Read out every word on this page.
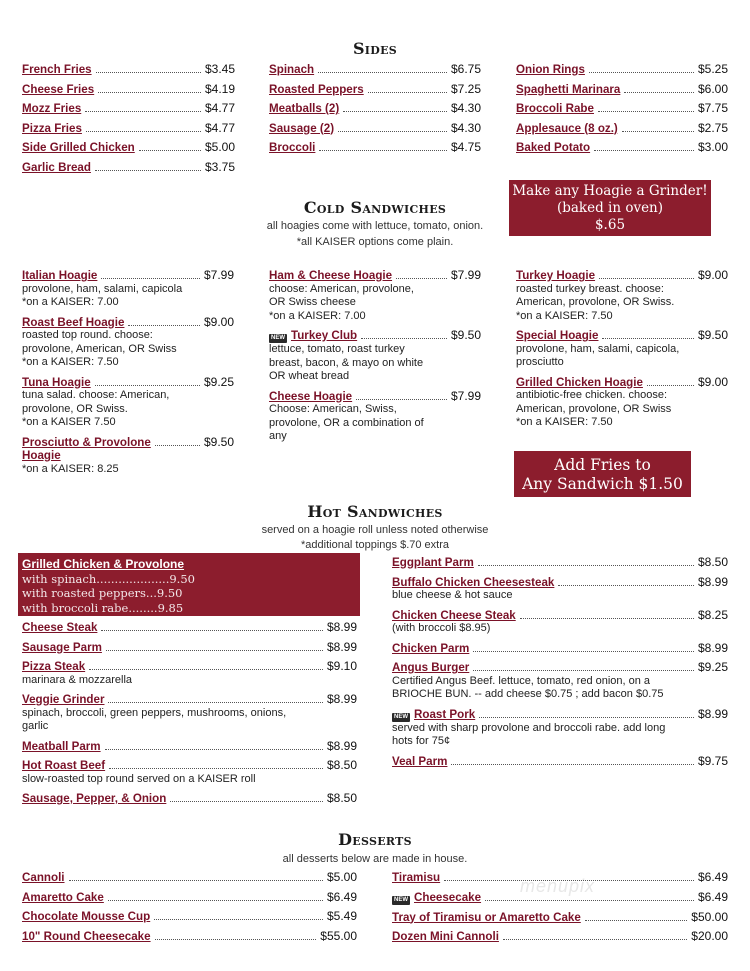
Sides
French Fries	$3.45
Cheese Fries	$4.19
Mozz Fries	$4.77
Pizza Fries	$4.77
Side Grilled Chicken	$5.00
Garlic Bread	$3.75
Spinach	$6.75
Roasted Peppers	$7.25
Meatballs (2)	$4.30
Sausage (2)	$4.30
Broccoli	$4.75
Onion Rings	$5.25
Spaghetti Marinara	$6.00
Broccoli Rabe	$7.75
Applesauce (8 oz.)	$2.75
Baked Potato	$3.00
Make any Hoagie a Grinder!
(baked in oven)
$.65
Cold Sandwiches
all hoagies come with lettuce, tomato, onion.
*all KAISER options come plain.
Italian Hoagie	$7.99
provolone, ham, salami, capicola
*on a KAISER: 7.00
Roast Beef Hoagie	$9.00
roasted top round. choose:
provolone, American, OR Swiss
*on a KAISER: 7.50
Tuna Hoagie	$9.25
tuna salad. choose: American,
provolone, OR Swiss.
*on a KAISER 7.50
Prosciutto & Provolone	$9.50
Hoagie
*on a KAISER: 8.25
Ham & Cheese Hoagie	$7.99
choose: American, provolone,
OR Swiss cheese
*on a KAISER: 7.00
NEW Turkey Club	$9.50
lettuce, tomato, roast turkey
breast, bacon, & mayo on white
OR wheat bread
Cheese Hoagie	$7.99
Choose: American, Swiss,
provolone, OR a combination of
any
Turkey Hoagie	$9.00
roasted turkey breast. choose:
American, provolone, OR Swiss.
*on a KAISER: 7.50
Special Hoagie	$9.50
provolone, ham, salami, capicola,
prosciutto
Grilled Chicken Hoagie	$9.00
antibiotic-free chicken. choose:
American, provolone, OR Swiss
*on a KAISER: 7.50
Add Fries to
Any Sandwich $1.50
Hot Sandwiches
served on a hoagie roll unless noted otherwise
*additional toppings $.70 extra
Grilled Chicken & Provolone
with spinach....................9.50
with roasted peppers...9.50
with broccoli rabe........9.85
Cheese Steak	$8.99
Sausage Parm	$8.99
Pizza Steak	$9.10
marinara & mozzarella
Veggie Grinder	$8.99
spinach, broccoli, green peppers, mushrooms, onions,
garlic
Meatball Parm	$8.99
Hot Roast Beef	$8.50
slow-roasted top round served on a KAISER roll
Sausage, Pepper, & Onion	$8.50
Eggplant Parm	$8.50
Buffalo Chicken Cheesesteak	$8.99
blue cheese & hot sauce
Chicken Cheese Steak	$8.25
(with broccoli $8.95)
Chicken Parm	$8.99
Angus Burger	$9.25
Certified Angus Beef. lettuce, tomato, red onion, on a
BRIOCHE BUN. -- add cheese $0.75 ; add bacon $0.75
NEW Roast Pork	$8.99
served with sharp provolone and broccoli rabe. add long
hots for 75¢
Veal Parm	$9.75
Desserts
all desserts below are made in house.
menupix
Cannoli	$5.00
Amaretto Cake	$6.49
Chocolate Mousse Cup	$5.49
10" Round Cheesecake	$55.00
Tiramisu	$6.49
NEW Cheesecake	$6.49
Tray of Tiramisu or Amaretto Cake	$50.00
Dozen Mini Cannoli	$20.00
